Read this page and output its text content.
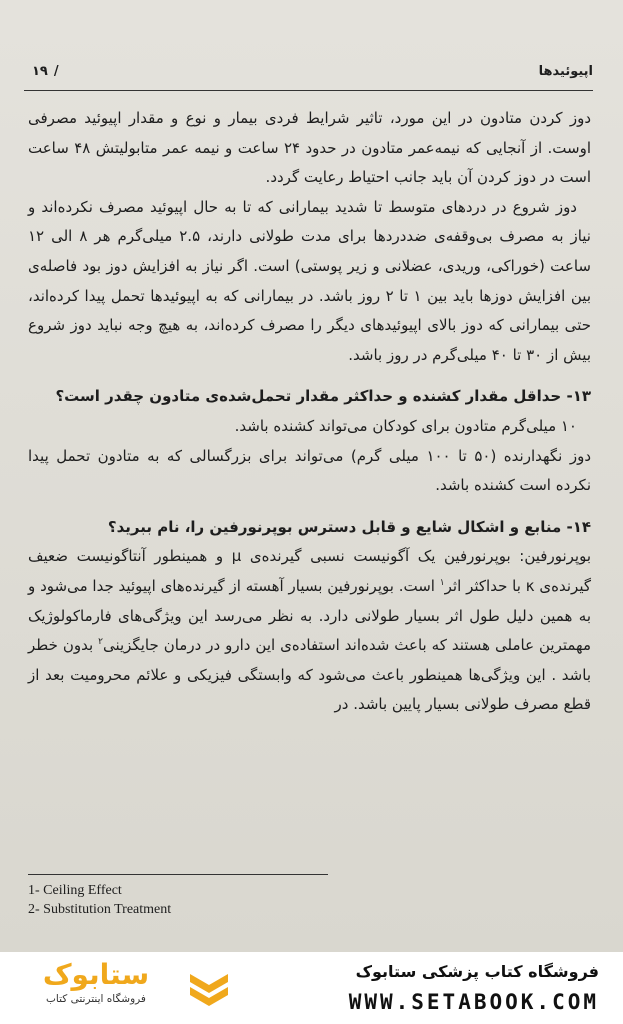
۱۹ /	اپیوئیدها

دوز کردن متادون در این مورد، تاثیر شرایط فردی بیمار و نوع و مقدار اپیوئید مصرفی اوست. از آنجایی که نیمه‌عمر متادون در حدود ۲۴ ساعت و نیمه عمر متابولیتش ۴۸ ساعت است در دوز کردن آن باید جانب احتیاط رعایت گردد.

دوز شروع در دردهای متوسط تا شدید بیمارانی که تا به حال اپیوئید مصرف نکرده‌اند و نیاز به مصرف بی‌وقفه‌ی ضددردها برای مدت طولانی دارند، ۲.۵ میلی‌گرم هر ۸ الی ۱۲ ساعت (خوراکی، وریدی، عضلانی و زیر پوستی) است. اگر نیاز به افزایش دوز بود فاصله‌ی بین افزایش دوزها باید بین ۱ تا ۲ روز باشد. در بیمارانی که به اپیوئیدها تحمل پیدا کرده‌اند، حتی بیمارانی که دوز بالای اپیوئیدهای دیگر را مصرف کرده‌اند، به هیچ وجه نباید دوز شروع بیش از ۳۰ تا ۴۰ میلی‌گرم در روز باشد.

۱۳- حداقل مقدار کشنده و حداکثر مقدار تحمل‌شده‌ی متادون چقدر است؟

۱۰ میلی‌گرم متادون برای کودکان می‌تواند کشنده باشد.

دوز نگهدارنده (۵۰ تا ۱۰۰ میلی گرم) می‌تواند برای بزرگسالی که به متادون تحمل پیدا نکرده است کشنده باشد.

۱۴- منابع و اشکال شایع و قابل دسترس بوپرنورفین را، نام ببرید؟

بوپرنورفین: بوپرنورفین یک آگونیست نسبی گیرنده‌ی μ و همینطور آنتاگونیست ضعیف گیرنده‌ی κ با حداکثر اثر$^۱$ است. بوپرنورفین بسیار آهسته از گیرنده‌های اپیوئید جدا می‌شود و به همین دلیل طول اثر بسیار طولانی دارد. به نظر می‌رسد این ویژگی‌های فارماکولوژیک مهمترین عاملی هستند که باعث شده‌اند استفاده‌ی این دارو در درمان جایگزینی$^۲$ بدون خطر باشد . این ویژگی‌ها همینطور باعث می‌شود که وابستگی فیزیکی و علائم محرومیت بعد از قطع مصرف طولانی بسیار پایین باشد. در

1- Ceiling Effect
2- Substitution Treatment
ستابوک
فروشگاه اینترنتی کتاب
فروشگاه کتاب پزشکی ستابوک
WWW.SETABOOK.COM
